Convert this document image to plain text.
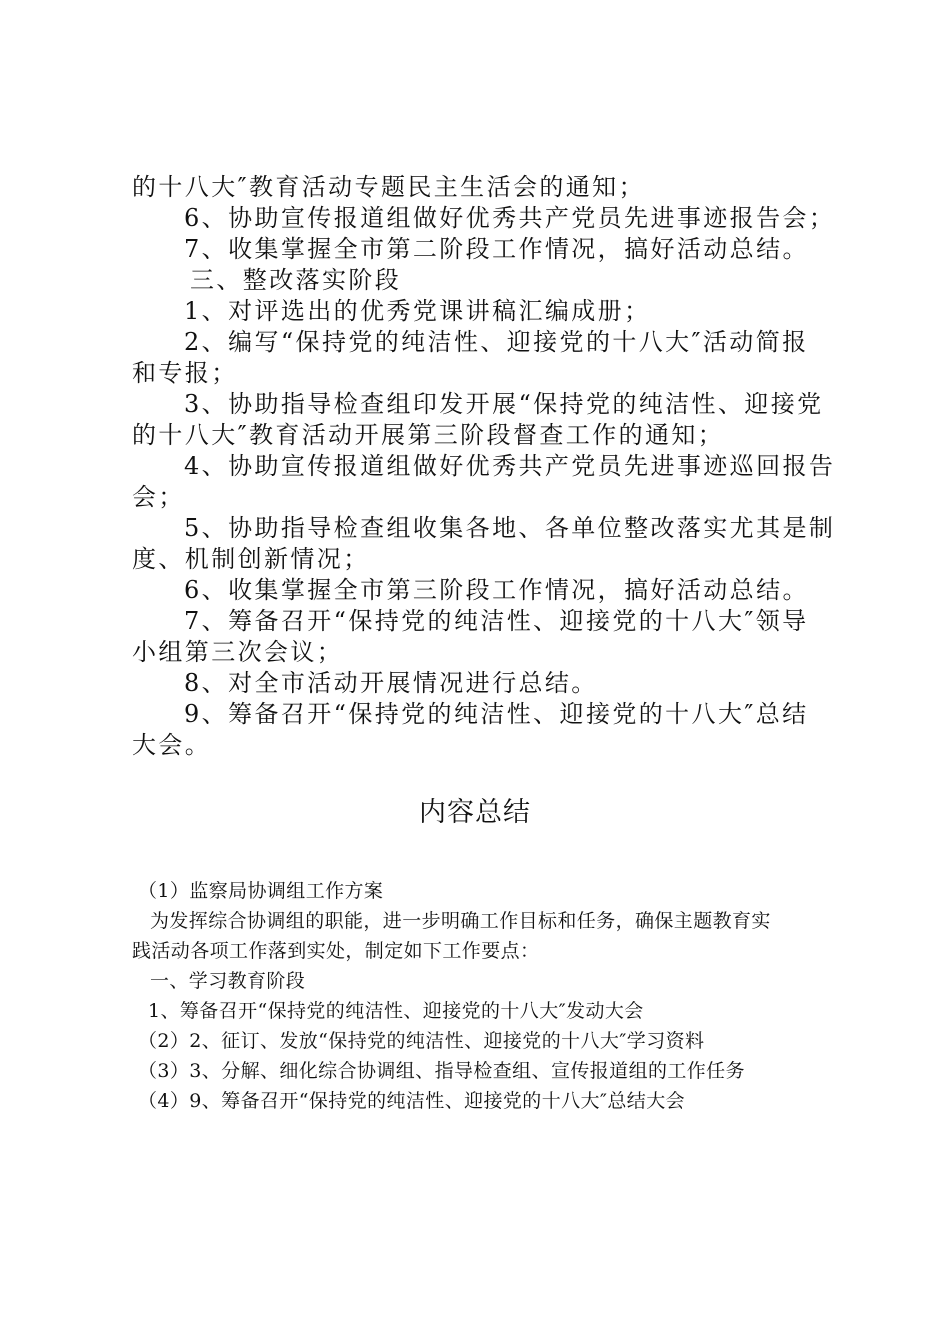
的十八大″教育活动专题民主生活会的通知；

6、协助宣传报道组做好优秀共产党员先进事迹报告会；

7、收集掌握全市第二阶段工作情况，搞好活动总结。

三、整改落实阶段

1、对评选出的优秀党课讲稿汇编成册；

2、编写“保持党的纯洁性、迎接党的十八大″活动简报

和专报；

3、协助指导检查组印发开展“保持党的纯洁性、迎接党

的十八大″教育活动开展第三阶段督查工作的通知；

4、协助宣传报道组做好优秀共产党员先进事迹巡回报告

会；

5、协助指导检查组收集各地、各单位整改落实尤其是制

度、机制创新情况；

6、收集掌握全市第三阶段工作情况，搞好活动总结。

7、筹备召开“保持党的纯洁性、迎接党的十八大″领导

小组第三次会议；

8、对全市活动开展情况进行总结。

9、筹备召开“保持党的纯洁性、迎接党的十八大″总结

大会。

内容总结

（1）监察局协调组工作方案

为发挥综合协调组的职能，进一步明确工作目标和任务，确保主题教育实

践活动各项工作落到实处，制定如下工作要点：

一、学习教育阶段

1、筹备召开“保持党的纯洁性、迎接党的十八大″发动大会

（2）2、征订、发放“保持党的纯洁性、迎接党的十八大″学习资料

（3）3、分解、细化综合协调组、指导检查组、宣传报道组的工作任务

（4）9、筹备召开“保持党的纯洁性、迎接党的十八大″总结大会
